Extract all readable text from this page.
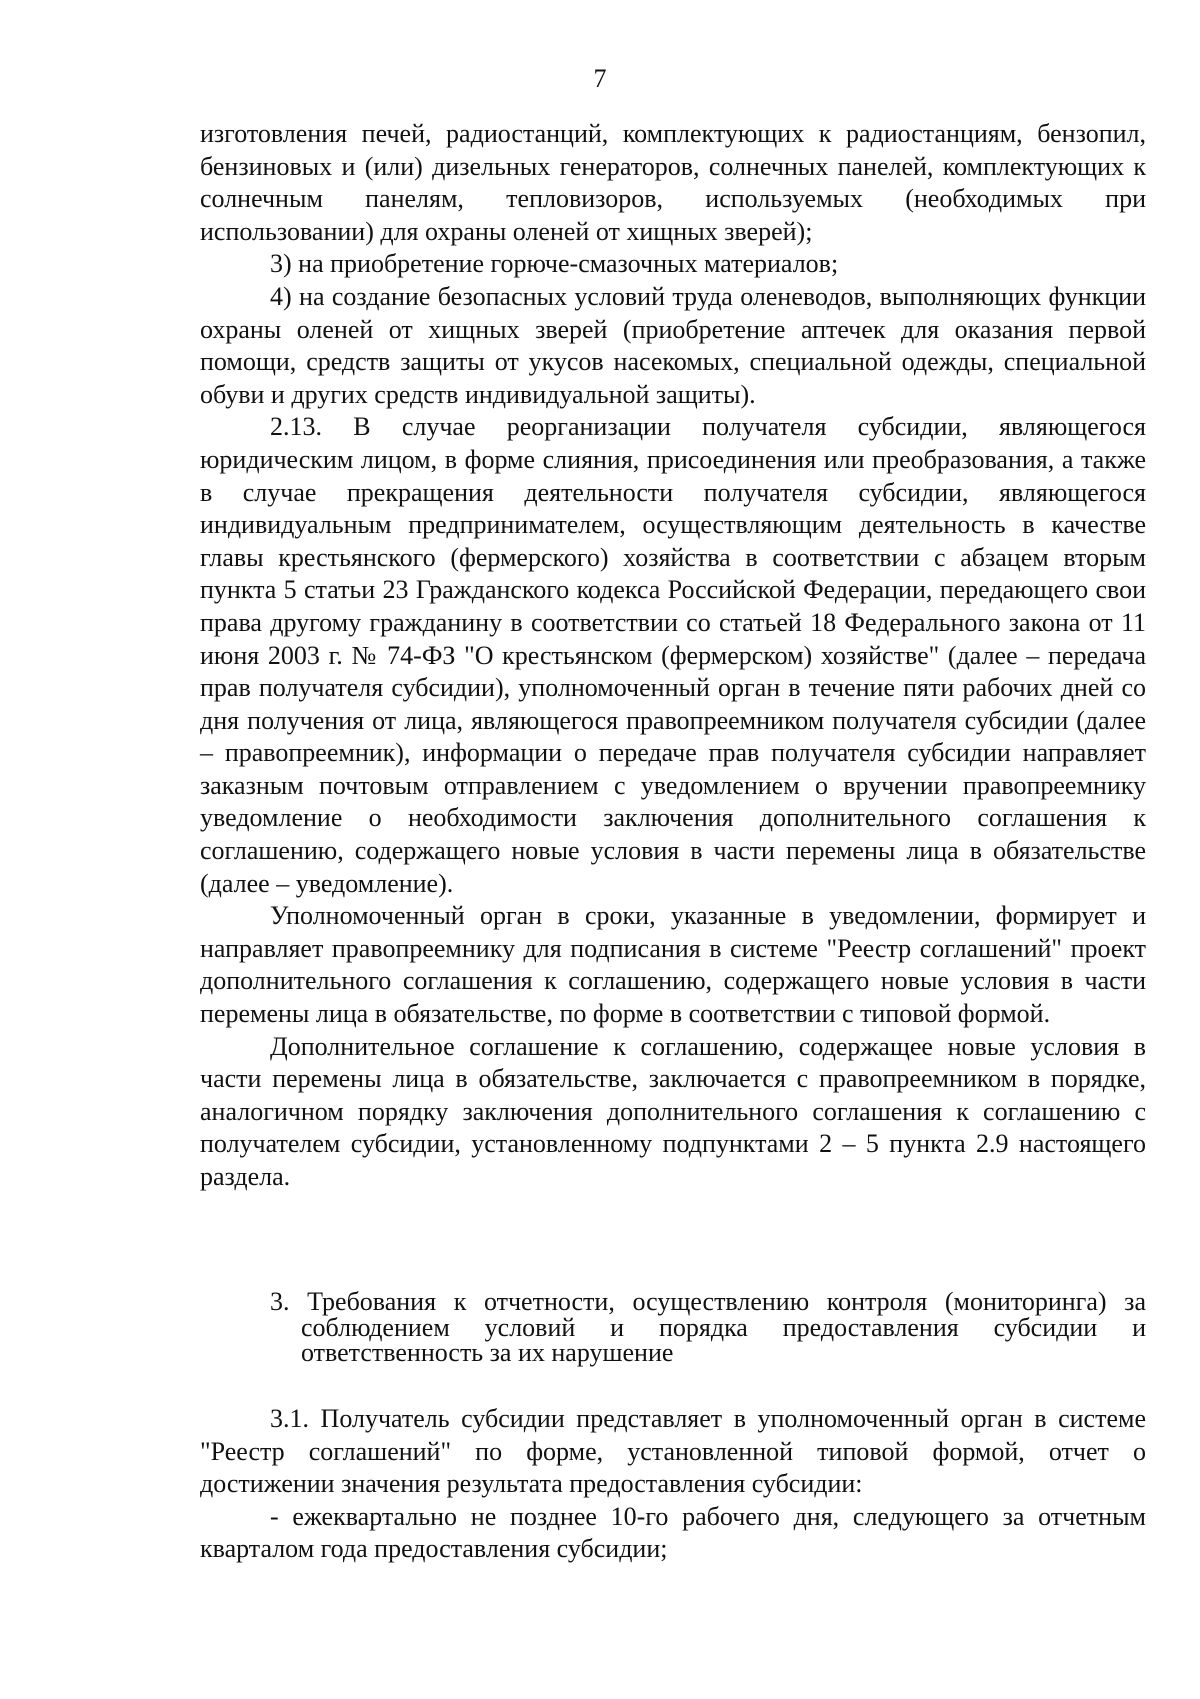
7

изготовления печей, радиостанций, комплектующих к радиостанциям, бензопил, бензиновых и (или) дизельных генераторов, солнечных панелей, комплектующих к солнечным панелям, тепловизоров, используемых (необходимых при использовании) для охраны оленей от хищных зверей);

3) на приобретение горюче-смазочных материалов;

4) на создание безопасных условий труда оленеводов, выполняющих функции охраны оленей от хищных зверей (приобретение аптечек для оказания первой помощи, средств защиты от укусов насекомых, специальной одежды, специальной обуви и других средств индивидуальной защиты).

2.13. В случае реорганизации получателя субсидии, являющегося юридическим лицом, в форме слияния, присоединения или преобразования, а также в случае прекращения деятельности получателя субсидии, являющегося индивидуальным предпринимателем, осуществляющим деятельность в качестве главы крестьянского (фермерского) хозяйства в соответствии с абзацем вторым пункта 5 статьи 23 Гражданского кодекса Российской Федерации, передающего свои права другому гражданину в соответствии со статьей 18 Федерального закона от 11 июня 2003 г. № 74-ФЗ "О крестьянском (фермерском) хозяйстве" (далее – передача прав получателя субсидии), уполномоченный орган в течение пяти рабочих дней со дня получения от лица, являющегося правопреемником получателя субсидии (далее – правопреемник), информации о передаче прав получателя субсидии направляет заказным почтовым отправлением с уведомлением о вручении правопреемнику уведомление о необходимости заключения дополнительного соглашения к соглашению, содержащего новые условия в части перемены лица в обязательстве (далее – уведомление).

Уполномоченный орган в сроки, указанные в уведомлении, формирует и направляет правопреемнику для подписания в системе "Реестр соглашений" проект дополнительного соглашения к соглашению, содержащего новые условия в части перемены лица в обязательстве, по форме в соответствии с типовой формой.

Дополнительное соглашение к соглашению, содержащее новые условия в части перемены лица в обязательстве, заключается с правопреемником в порядке, аналогичном порядку заключения дополнительного соглашения к соглашению с получателем субсидии, установленному подпунктами 2 – 5 пункта 2.9 настоящего раздела.

3. Требования к отчетности, осуществлению контроля (мониторинга) за соблюдением условий и порядка предоставления субсидии и ответственность за их нарушение

3.1. Получатель субсидии представляет в уполномоченный орган в системе "Реестр соглашений" по форме, установленной типовой формой, отчет о достижении значения результата предоставления субсидии:

- ежеквартально не позднее 10-го рабочего дня, следующего за отчетным кварталом года предоставления субсидии;
